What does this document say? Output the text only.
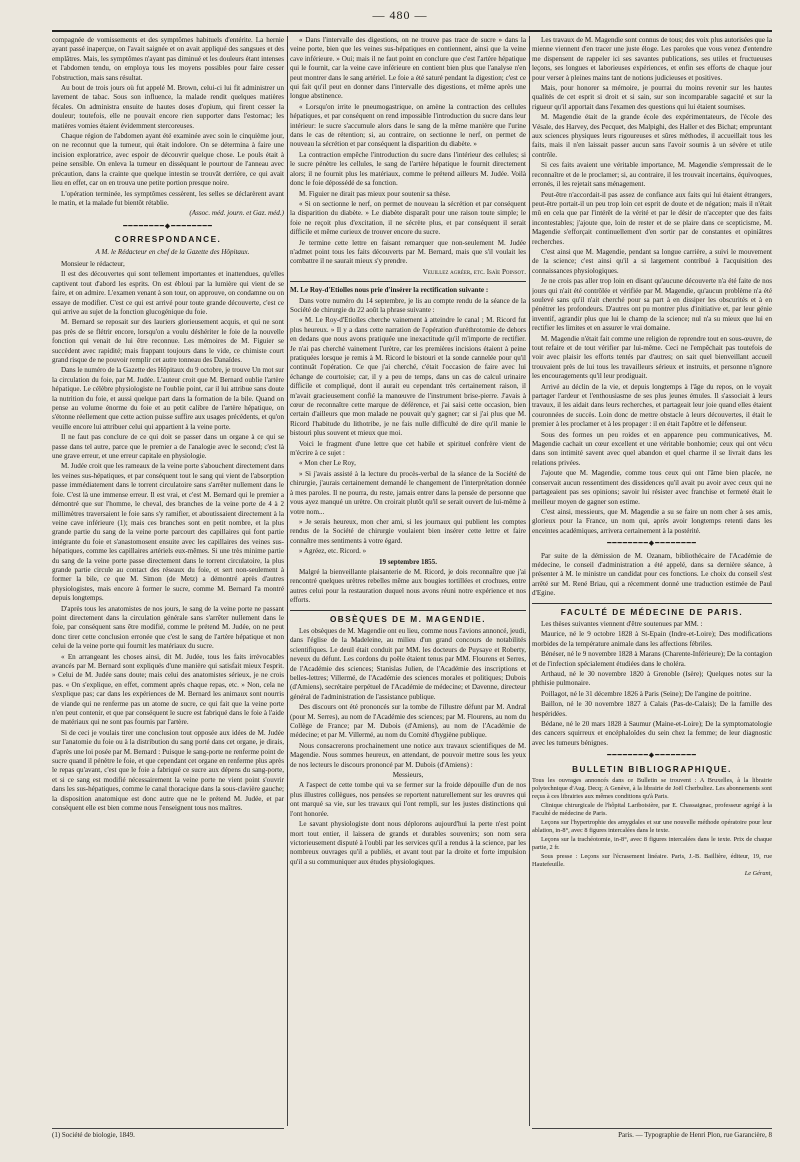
— 480 —

compagnée de vomissements et des symptômes habituels d'entérite. La hernie ayant passé inaperçue, on l'avait saignée et on avait appliqué des sangsues et des emplâtres. Mais, les symptômes n'ayant pas diminué et les douleurs étant intenses et l'abdomen tendu, on employa tous les moyens possibles pour faire cesser l'obstruction, mais sans résultat.

Au bout de trois jours où fut appelé M. Brown, celui-ci lui fit administrer un lavement de tabac. Sous son influence, la malade rendit quelques matières fécales. On administra ensuite de hautes doses d'opium, qui firent cesser la douleur; toutefois, elle ne pouvait encore rien supporter dans l'estomac; les matières vomies étaient évidemment stercoreuses.

Chaque région de l'abdomen ayant été examinée avec soin le cinquième jour, on ne reconnut que la tumeur, qui était indolore. On se détermina à faire une incision exploratrice, avec espoir de découvrir quelque chose. Le pouls était à peine sensible. On enleva la tumeur en disséquant le pourtour de l'anneau avec précaution, dans la crainte que quelque intestin se trouvât derrière, ce qui avait lieu en effet, car on en trouva une petite portion presque noire.

L'opération terminée, les symptômes cessèrent, les selles se déclarèrent avant le matin, et la malade fut bientôt rétablie.

(Assoc. méd. journ. et Gaz. méd.)

━━━━━━━━◆━━━━━━━━
CORRESPONDANCE.

A M. le Rédacteur en chef de la Gazette des Hôpitaux.

Monsieur le rédacteur,

Il est des découvertes qui sont tellement importantes et inattendues, qu'elles captivent tout d'abord les esprits. On est ébloui par la lumière qui vient de se faire, et on admire. L'examen venant à son tour, on approuve, on condamne ou on essaye de modifier. C'est ce qui est arrivé pour toute grande découverte, c'est ce qui arrive au sujet de la fonction glucogénique du foie.

M. Bernard se reposait sur des lauriers glorieusement acquis, et qui ne sont pas près de se flétrir encore, lorsqu'on a voulu déshériter le foie de la nouvelle fonction qui venait de lui être reconnue. Les mémoires de M. Figuier se succèdent avec rapidité; mais frappant toujours dans le vide, ce chimiste court grand risque de ne pouvoir remplir cet autre tonneau des Danaïdes.

Dans le numéro de la Gazette des Hôpitaux du 9 octobre, je trouve Un mot sur la circulation du foie, par M. Judée. L'auteur croit que M. Bernard oublie l'artère hépatique. Le célèbre physiologiste ne l'oublie point, car il lui attribue sans doute la nutrition du foie, et aussi quelque part dans la formation de la bile. Quand on pense au volume énorme du foie et au petit calibre de l'artère hépatique, on s'étonne réellement que cette action puisse suffire aux usages précédents, et qu'on veuille encore lui attribuer celui qui appartient à la veine porte.

Il ne faut pas conclure de ce qui doit se passer dans un organe à ce qui se passe dans tel autre, parce que le premier a de l'analogie avec le second; c'est là une grave erreur, et une erreur capitale en physiologie.

M. Judée croit que les rameaux de la veine porte s'abouchent directement dans les veines sus-hépatiques, et par conséquent tout le sang qui vient de l'absorption passe immédiatement dans le torrent circulatoire sans s'arrêter nullement dans le foie. C'est là une immense erreur. Il est vrai, et c'est M. Bernard qui le premier a démontré que sur l'homme, le cheval, des branches de la veine porte de 4 à 2 millimètres traversaient le foie sans s'y ramifier, et aboutissaient directement à la veine cave inférieure (1); mais ces branches sont en petit nombre, et la plus grande partie du sang de la veine porte parcourt des capillaires qui font partie intégrante du foie et s'anastomosent ensuite avec les capillaires des veines sus-hépatiques, comme les capillaires artériels eux-mêmes. Si une très minime partie du sang de la veine porte passe directement dans le torrent circulatoire, la plus grande partie circule au contact des réseaux du foie, et sert non-seulement à former la bile, ce que M. Simon (de Metz) a démontré après d'autres physiologistes, mais encore à former le sucre, comme M. Bernard l'a montré depuis longtemps.

D'après tous les anatomistes de nos jours, le sang de la veine porte ne passant point directement dans la circulation générale sans s'arrêter nullement dans le foie, par conséquent sans être modifié, comme le prétend M. Judée, on ne peut donc tirer cette conclusion erronée que c'est le sang de l'artère hépatique et non celui de la veine porte qui fournit les matériaux du sucre.

« En arrangeant les choses ainsi, dit M. Judée, tous les faits irrévocables avancés par M. Bernard sont expliqués d'une manière qui satisfait mieux l'esprit. » Celui de M. Judée sans doute; mais celui des anatomistes sérieux, je ne crois pas. « On s'explique, en effet, comment après chaque repas, etc. » Non, cela ne s'explique pas; car dans les expériences de M. Bernard les animaux sont nourris de viande qui ne renferme pas un atome de sucre, ce qui fait que la veine porte n'en peut contenir, et que par conséquent le sucre est fabriqué dans le foie à l'aide de matériaux qui ne sont pas fournis par l'artère.

Si de ceci je voulais tirer une conclusion tout opposée aux idées de M. Judée sur l'anatomie du foie ou à la distribution du sang porté dans cet organe, je dirais, d'après une loi posée par M. Bernard : Puisque le sang-porte ne renferme point de sucre quand il pénètre le foie, et que cependant cet organe en renferme plus après le repas qu'avant, c'est que le foie a fabriqué ce sucre aux dépens du sang-porte, et si ce sang est modifié nécessairement la veine porte ne vient point s'ouvrir dans les sus-hépatiques, comme le canal thoracique dans la sous-clavière gauche; la disposition anatomique est donc autre que ne le prétend M. Judée, et par conséquent elle est bien comme nous l'enseignent tous nos maîtres.

(1) Société de biologie, 1849.

« Dans l'intervalle des digestions, on ne trouve pas trace de sucre » dans la veine porte, bien que les veines sus-hépatiques en contiennent, ainsi que la veine cave inférieure. » Oui; mais il ne faut point en conclure que c'est l'artère hépatique qui le fournit, car la veine cave inférieure en contient bien plus que l'analyse n'en peut montrer dans le sang artériel. Le foie a été saturé pendant la digestion; c'est ce qui fait qu'il peut en donner dans l'intervalle des digestions, et même après une longue abstinence.

« Lorsqu'on irrite le pneumogastrique, on amène la contraction des cellules hépatiques, et par conséquent on rend impossible l'introduction du sucre dans leur intérieur: le sucre s'accumule alors dans le sang de la même manière que l'urine dans le cas de rétention; si, au contraire, on sectionne le nerf, on permet de nouveau la sécrétion et par conséquent la disparition du diabète. »

La contraction empêche l'introduction du sucre dans l'intérieur des cellules; si le sucre pénètre les cellules, le sang de l'artère hépatique le fournit directement alors; il ne fournit plus les matériaux, comme le prétend ailleurs M. Judée. Voilà donc le foie dépossédé de sa fonction.

M. Figuier ne dirait pas mieux pour soutenir sa thèse.

« Si on sectionne le nerf, on permet de nouveau la sécrétion et par conséquent la disparition du diabète. » Le diabète disparaît pour une raison toute simple; le foie ne reçoit plus d'excitation, il ne sécrète plus, et par conséquent il serait difficile et même curieux de trouver encore du sucre.

Je termine cette lettre en faisant remarquer que non-seulement M. Judée n'admet point tous les faits découverts par M. Bernard, mais que s'il voulait les combattre il ne saurait mieux s'y prendre.

Veuillez agréer, etc. Isaïe Poinsot.

M. Le Roy-d'Etiolles nous prie d'insérer la rectification suivante :

Dans votre numéro du 14 septembre, je lis au compte rendu de la séance de la Société de chirurgie du 22 août la phrase suivante :

« M. Le Roy-d'Etiolles cherche vainement à atteindre le canal ; M. Ricord fut plus heureux. » Il y a dans cette narration de l'opération d'uréthrotomie de dehors en dedans que nous avons pratiquée une inexactitude qu'il m'importe de rectifier. Je n'ai pas cherché vainement l'urètre, car les premières incisions étaient à peine pratiquées lorsque je remis à M. Ricord le bistouri et la sonde cannelée pour qu'il continuât l'opération. Ce que j'ai cherché, c'était l'occasion de faire avec lui échange de courtoisie; car, il y a peu de temps, dans un cas de calcul urinaire difficile et compliqué, dont il aurait eu cependant très certainement raison, il m'avait gracieusement confié la manœuvre de l'instrument brise-pierre. J'avais à cœur de reconnaître cette marque de déférence, et j'ai saisi cette occasion, bien certain d'ailleurs que mon malade ne pouvait qu'y gagner; car si j'ai plus que M. Ricord l'habitude du lithotribe, je ne fais nulle difficulté de dire qu'il manie le bistouri plus souvent et mieux que moi.

Voici le fragment d'une lettre que cet habile et spirituel confrère vient de m'écrire à ce sujet :

« Mon cher Le Roy,

» Si j'avais assisté à la lecture du procès-verbal de la séance de la Société de chirurgie, j'aurais certainement demandé le changement de l'interprétation donnée à mes paroles. Il ne pourra, du reste, jamais entrer dans la pensée de personne que vous ayez manqué un urètre. On croirait plutôt qu'il se serait ouvert de lui-même à votre nom...

» Je serais heureux, mon cher ami, si les journaux qui publient les comptes rendus de la Société de chirurgie voulaient bien insérer cette lettre et faire connaître mes sentiments à votre égard.

» Agréez, etc. Ricord. »

19 septembre 1855.

Malgré la bienveillante plaisanterie de M. Ricord, je dois reconnaître que j'ai rencontré quelques urètres rebelles même aux bougies tortillées et crochues, entre autres celui pour la restauration duquel nous avons réuni notre expérience et nos efforts.

OBSÈQUES DE M. MAGENDIE.

Les obsèques de M. Magendie ont eu lieu, comme nous l'avions annoncé, jeudi, dans l'église de la Madeleine, au milieu d'un grand concours de notabilités scientifiques. Le deuil était conduit par MM. les docteurs de Puysaye et Roberty, neveux du défunt. Les cordons du poêle étaient tenus par MM. Flourens et Serres, de l'Académie des sciences; Stanislas Julien, de l'Académie des inscriptions et belles-lettres; Villermé, de l'Académie des sciences morales et politiques; Dubois (d'Amiens), secrétaire perpétuel de l'Académie de médecine; et Davenne, directeur général de l'administration de l'assistance publique.

Des discours ont été prononcés sur la tombe de l'illustre défunt par M. Andral (pour M. Serres), au nom de l'Académie des sciences; par M. Flourens, au nom du Collège de France; par M. Dubois (d'Amiens), au nom de l'Académie de médecine; et par M. Villermé, au nom du Comité d'hygiène publique.

Nous consacrerons prochainement une notice aux travaux scientifiques de M. Magendie. Nous sommes heureux, en attendant, de pouvoir mettre sous les yeux de nos lecteurs le discours prononcé par M. Dubois (d'Amiens) :

Messieurs,

A l'aspect de cette tombe qui va se fermer sur la froide dépouille d'un de nos plus illustres collègues, nos pensées se reportent naturellement sur les œuvres qui ont marqué sa vie, sur les travaux qui l'ont rempli, sur les justes distinctions qui l'ont honorée.

Le savant physiologiste dont nous déplorons aujourd'hui la perte n'est point mort tout entier, il laissera de grands et durables souvenirs; son nom sera victorieusement disputé à l'oubli par les services qu'il a rendus à la science, par les nombreux ouvrages qu'il a publiés, et avant tout par la droite et forte impulsion qu'il a su communiquer aux études physiologiques.

Les travaux de M. Magendie sont connus de tous; des voix plus autorisées que la mienne viennent d'en tracer une juste éloge. Les paroles que vous venez d'entendre me dispensent de rappeler ici ses savantes publications, ses utiles et fructueuses leçons, ses longues et laborieuses expériences, et enfin ses efforts de chaque jour pour verser à pleines mains tant de notions judicieuses et positives.

Mais, pour honorer sa mémoire, je pourrai du moins revenir sur les hautes qualités de cet esprit si droit et si sain, sur son incomparable sagacité et sur la rigueur qu'il apportait dans l'examen des questions qui lui étaient soumises.

M. Magendie était de la grande école des expérimentateurs, de l'école des Vésale, des Harvey, des Pecquet, des Malpighi, des Haller et des Bichat; empruntant aux sciences physiques leurs rigoureuses et sûres méthodes, il accueillait tous les faits, mais il n'en laissait passer aucun sans l'avoir soumis à un sévère et utile contrôle.

Si ces faits avaient une véritable importance, M. Magendie s'empressait de le reconnaître et de le proclamer; si, au contraire, il les trouvait incertains, équivoques, erronés, il les rejetait sans ménagement.

Peut-être n'accordait-il pas assez de confiance aux faits qui lui étaient étrangers, peut-être portait-il un peu trop loin cet esprit de doute et de négation; mais il n'était mû en cela que par l'intérêt de la vérité et par le désir de n'accepter que des faits incontestables; j'ajoute que, loin de rester et de se plaire dans ce scepticisme, M. Magendie s'efforçait continuellement d'en sortir par de constantes et opiniâtres recherches.

C'est ainsi que M. Magendie, pendant sa longue carrière, a suivi le mouvement de la science; c'est ainsi qu'il a si largement contribué à l'acquisition des connaissances physiologiques.

Je ne crois pas aller trop loin en disant qu'aucune découverte n'a été faite de nos jours qui n'ait été contrôlée et vérifiée par M. Magendie, qu'aucun problème n'a été soulevé sans qu'il n'ait cherché pour sa part à en dissiper les obscurités et à en pénétrer les profondeurs. D'autres ont pu montrer plus d'initiative et, par leur génie inventif, agrandir plus que lui le champ de la science; nul n'a su mieux que lui en rectifier les limites et en assurer le vrai domaine.

M. Magendie n'était fait comme une religion de reprendre tout en sous-œuvre, de tout refaire et de tout vérifier par lui-même. Ceci ne l'empêchait pas toutefois de voir avec plaisir les efforts tentés par d'autres; on sait quel bienveillant accueil trouvaient près de lui tous les travailleurs sérieux et instruits, et personne n'ignore les encouragements qu'il leur prodiguait.

Arrivé au déclin de la vie, et depuis longtemps à l'âge du repos, on le voyait partager l'ardeur et l'enthousiasme de ses plus jeunes émules. Il s'associait à leurs travaux, il les aidait dans leurs recherches, et partageait leur joie quand elles étaient couronnées de succès. Loin donc de mettre obstacle à leurs découvertes, il était le premier à les proclamer et à les propager : il en était l'apôtre et le défenseur.

Sous des formes un peu roides et en apparence peu communicatives, M. Magendie cachait un cœur excellent et une véritable bonhomie; ceux qui ont vécu dans son intimité savent avec quel abandon et quel charme il se livrait dans les relations privées.

J'ajoute que M. Magendie, comme tous ceux qui ont l'âme bien placée, ne conservait aucun ressentiment des dissidences qu'il avait pu avoir avec ceux qui ne partageaient pas ses opinions; savoir lui résister avec franchise et fermeté était le meilleur moyen de gagner son estime.

C'est ainsi, messieurs, que M. Magendie a su se faire un nom cher à ses amis, glorieux pour la France, un nom qui, après avoir longtemps retenti dans les enceintes académiques, arrivera certainement à la postérité.

━━━━━━━━◆━━━━━━━━

Par suite de la démission de M. Ozanam, bibliothécaire de l'Académie de médecine, le conseil d'administration a été appelé, dans sa dernière séance, à présenter à M. le ministre un candidat pour ces fonctions. Le choix du conseil s'est arrêté sur M. René Briau, qui a récemment donné une traduction estimée de Paul d'Egine.

FACULTÉ DE MÉDECINE DE PARIS.

Les thèses suivantes viennent d'être soutenues par MM. :

Maurice, né le 9 octobre 1828 à St-Epain (Indre-et-Loire); Des modifications morbides de la température animale dans les affections fébriles.

Bénéser, né le 9 novembre 1828 à Marans (Charente-Inférieure); De la contagion et de l'infection spécialement étudiées dans le choléra.

Arthaud, né le 30 novembre 1820 à Grenoble (Isère); Quelques notes sur la phthisie pulmonaire.

Poillagot, né le 31 décembre 1826 à Paris (Seine); De l'angine de poitrine.

Baillon, né le 30 novembre 1827 à Calais (Pas-de-Calais); De la famille des hespéridées.

Bédane, né le 20 mars 1828 à Saumur (Maine-et-Loire); De la symptomatologie des cancers squirreux et encéphaloïdes du sein chez la femme; de leur diagnostic avec les tumeurs bénignes.

━━━━━━━━◆━━━━━━━━
BULLETIN BIBLIOGRAPHIQUE.

Tous les ouvrages annoncés dans ce Bulletin se trouvent : A Bruxelles, à la librairie polytechnique d'Aug. Decq; A Genève, à la librairie de Joël Cherbuliez. Les abonnements sont reçus à ces librairies aux mêmes conditions qu'à Paris.

Clinique chirurgicale de l'hôpital Lariboisière, par E. Chassaignac, professeur agrégé à la Faculté de médecine de Paris.

Leçons sur l'hypertrophie des amygdales et sur une nouvelle méthode opératoire pour leur ablation, in-8°, avec 8 figures intercalées dans le texte.

Leçons sur la trachéotomie, in-8°, avec 8 figures intercalées dans le texte. Prix de chaque partie, 2 fr.

Sous presse : Leçons sur l'écrasement linéaire. Paris, J.-B. Baillière, éditeur, 19, rue Hautefeuille.

Le Gérant,

Paris. — Typographie de Henri Plon, rue Garancière, 8
